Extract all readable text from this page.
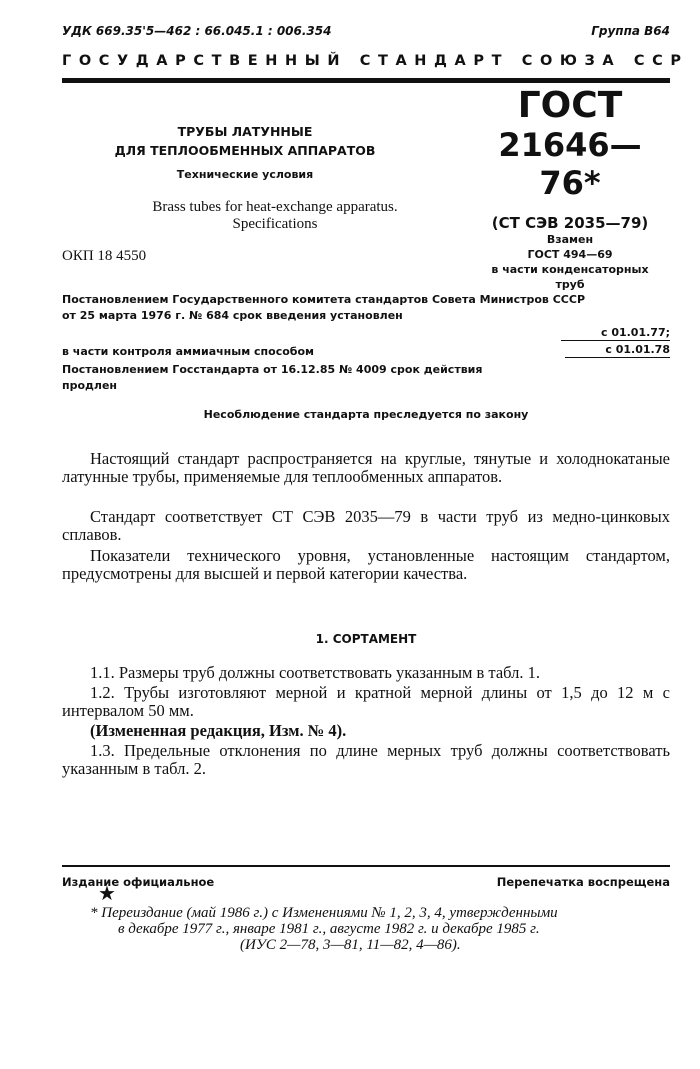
УДК 669.35'5—462 : 66.045.1 : 006.354	Группа В64
ГОСУДАРСТВЕННЫЙ СТАНДАРТ СОЮЗА ССР
ТРУБЫ ЛАТУННЫЕ
ДЛЯ ТЕПЛООБМЕННЫХ АППАРАТОВ
Технические условия
Brass tubes for heat-exchange apparatus.
Specifications
ОКП 18 4550
ГОСТ
21646—76*
(СТ СЭВ 2035—79)
Взамен
ГОСТ 494—69
в части конденсаторных
труб
Постановлением Государственного комитета стандартов Совета Министров СССР
от 25 марта 1976 г. № 684 срок введения установлен
с 01.01.77;
в части контроля аммиачным способом	с 01.01.78
Постановлением Госстандарта от 16.12.85 № 4009 срок действия
продлен
Несоблюдение стандарта преследуется по закону

Настоящий стандарт распространяется на круглые, тянутые и холоднокатаные латунные трубы, применяемые для теплообменных аппаратов.

Стандарт соответствует СТ СЭВ 2035—79 в части труб из медно-цинковых сплавов.

Показатели технического уровня, установленные настоящим стандартом, предусмотрены для высшей и первой категории качества.

1. СОРТАМЕНТ

1.1. Размеры труб должны соответствовать указанным в табл. 1.

1.2. Трубы изготовляют мерной и кратной мерной длины от 1,5 до 12 м с интервалом 50 мм.

(Измененная редакция, Изм. № 4).

1.3. Предельные отклонения по длине мерных труб должны соответствовать указанным в табл. 2.

Издание официальное	Перепечатка воспрещена
★
* Переиздание (май 1986 г.) с Изменениями № 1, 2, 3, 4, утвержденными
в декабре 1977 г., январе 1981 г., августе 1982 г. и декабре 1985 г.
(ИУС 2—78, 3—81, 11—82, 4—86).
